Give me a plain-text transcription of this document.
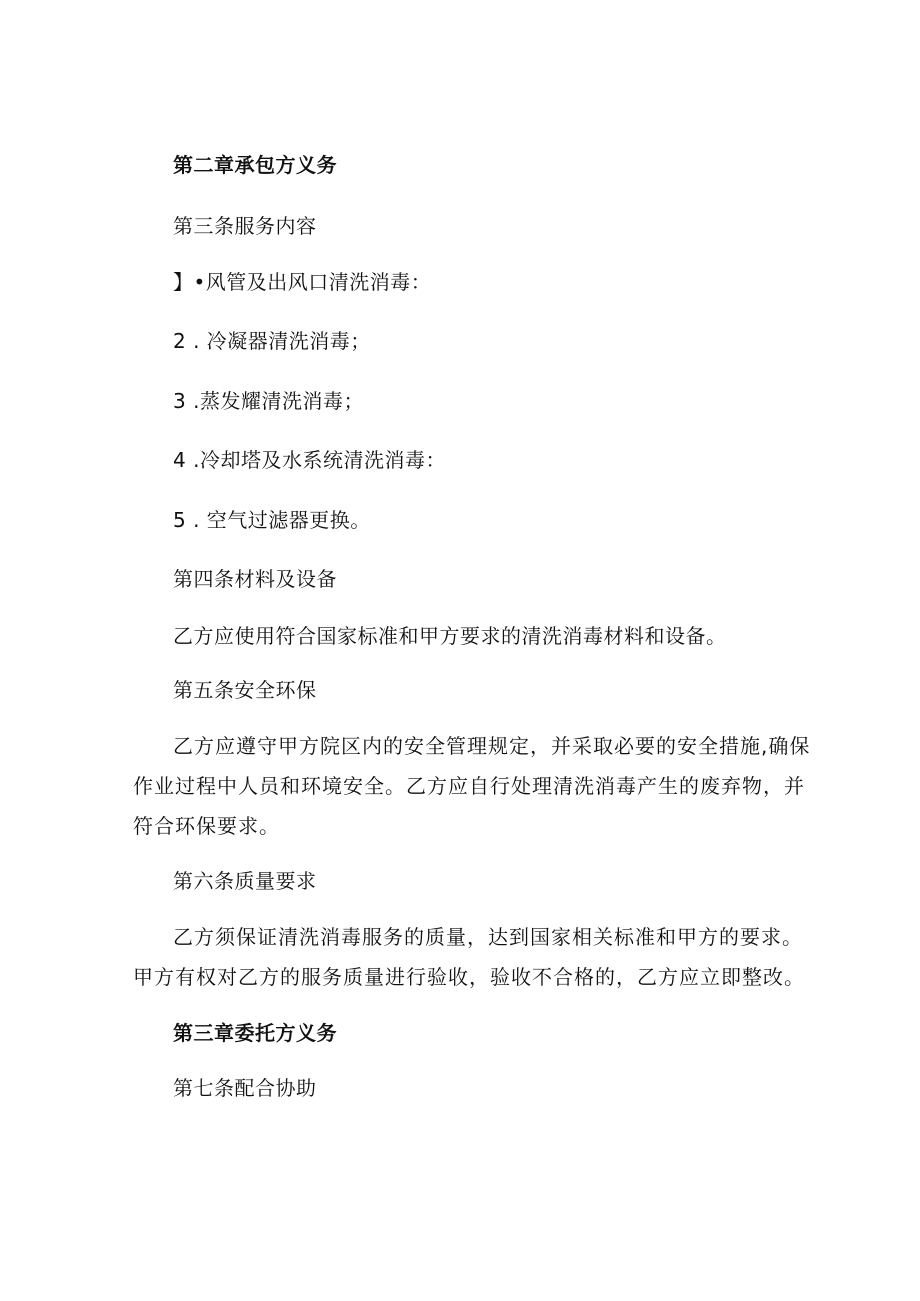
第二章承包方义务
第三条服务内容
】•风管及出风口清洗消毒：
2 . 冷凝器清洗消毒；
3 .蒸发耀清洗消毒；
4 .冷却塔及水系统清洗消毒：
5 . 空气过滤器更换。
第四条材料及设备
乙方应使用符合国家标准和甲方要求的清洗消毒材料和设备。
第五条安全环保
乙方应遵守甲方院区内的安全管理规定，并采取必要的安全措施,确保
作业过程中人员和环境安全。乙方应自行处理清洗消毒产生的废弃物，并
符合环保要求。
第六条质量要求
乙方须保证清洗消毒服务的质量，达到国家相关标准和甲方的要求。
甲方有权对乙方的服务质量进行验收，验收不合格的，乙方应立即整改。
第三章委托方义务
第七条配合协助
